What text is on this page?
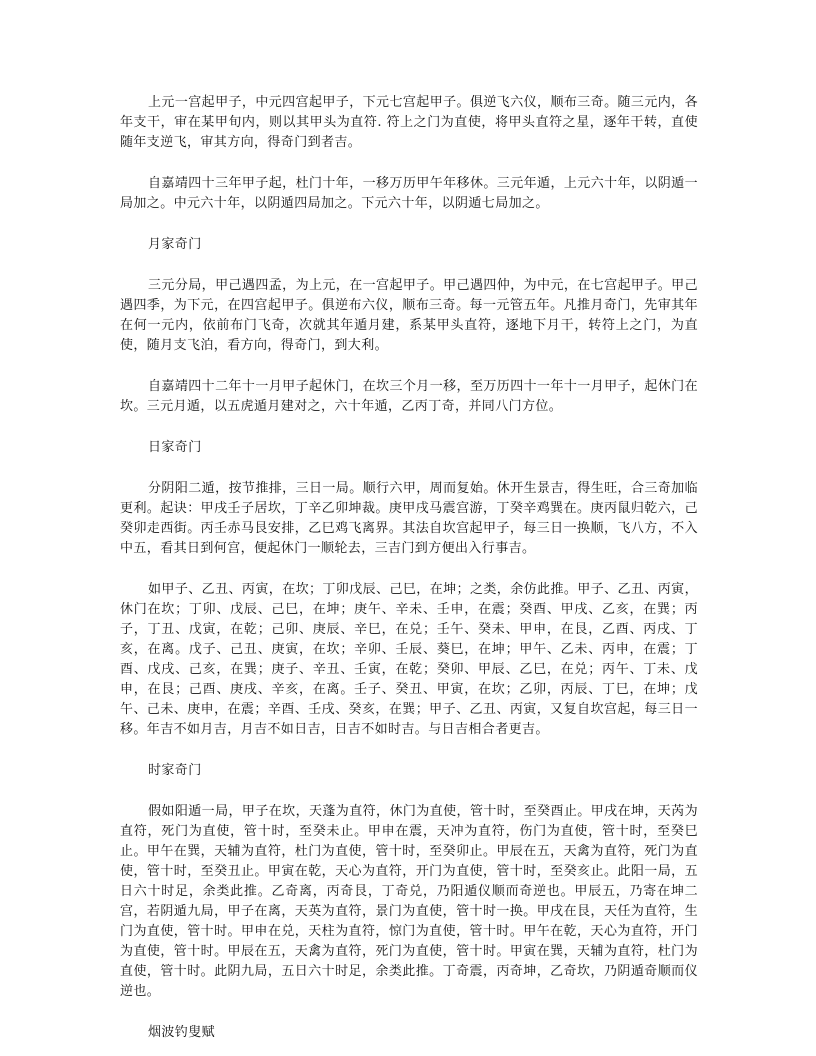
上元一宫起甲子，中元四宫起甲子，下元七宫起甲子。俱逆飞六仪，顺布三奇。随三元内，各年支干，审在某甲旬内，则以其甲头为直符. 符上之门为直使，将甲头直符之星，逐年干转，直使随年支逆飞，审其方向，得奇门到者吉。

自嘉靖四十三年甲子起，杜门十年，一移万历甲午年移休。三元年遁，上元六十年，以阴遁一局加之。中元六十年，以阴遁四局加之。下元六十年，以阴遁七局加之。

月家奇门

三元分局，甲己遇四孟，为上元，在一宫起甲子。甲己遇四仲，为中元，在七宫起甲子。甲己遇四季，为下元，在四宫起甲子。俱逆布六仪，顺布三奇。每一元管五年。凡推月奇门，先审其年在何一元内，依前布门飞奇，次就其年遁月建，系某甲头直符，逐地下月干，转符上之门，为直使，随月支飞泊，看方向，得奇门，到大利。

自嘉靖四十二年十一月甲子起休门，在坎三个月一移，至万历四十一年十一月甲子，起休门在坎。三元月遁，以五虎遁月建对之，六十年遁，乙丙丁奇，并同八门方位。

日家奇门

分阴阳二遁，按节推排，三日一局。顺行六甲，周而复始。休开生景吉，得生旺，合三奇加临更利。起诀：甲戌壬子居坎，丁辛乙卯坤裁。庚甲戌马震宫游，丁癸辛鸡巽在。庚丙鼠归乾六，己癸卯走西街。丙壬赤马艮安排，乙巳鸡飞离界。其法自坎宫起甲子，每三日一换顺，飞八方，不入中五，看其日到何宫，便起休门一顺轮去，三吉门到方便出入行事吉。

如甲子、乙丑、丙寅，在坎；丁卯戊辰、己巳，在坤；之类，余仿此推。甲子、乙丑、丙寅，休门在坎；丁卯、戊辰、己巳，在坤；庚午、辛未、壬申，在震；癸酉、甲戌、乙亥，在巽；丙子，丁丑、戊寅，在乾；己卯、庚辰、辛巳，在兑；壬午、癸未、甲申，在艮，乙酉、丙戌、丁亥，在离。戊子、己丑、庚寅，在坎；辛卯、壬辰、葵巳，在坤；甲午、乙未、丙申，在震；丁酉、戊戌、己亥，在巽；庚子、辛丑、壬寅，在乾；癸卯、甲辰、乙巳，在兑；丙午、丁未、戊申，在艮；己酉、庚戌、辛亥，在离。壬子、癸丑、甲寅，在坎；乙卯，丙辰、丁巳，在坤；戊午、己未、庚申，在震；辛酉、壬戌、癸亥，在巽；甲子、乙丑、丙寅，又复自坎宫起，每三日一移。年吉不如月吉，月吉不如日吉，日吉不如时吉。与日吉相合者更吉。

时家奇门

假如阳遁一局，甲子在坎，天蓬为直符，休门为直使，管十时，至癸酉止。甲戌在坤，天芮为直符，死门为直使，管十时，至癸未止。甲申在震，天冲为直符，伤门为直使，管十时，至癸巳止。甲午在巽，天辅为直符，杜门为直使，管十时，至癸卯止。甲辰在五，天禽为直符，死门为直使，管十时，至癸丑止。甲寅在乾，天心为直符，开门为直使，管十时，至癸亥止。此阳一局，五日六十时足，余类此推。乙奇离，丙奇艮，丁奇兑，乃阳遁仪顺而奇逆也。甲辰五，乃寄在坤二宫，若阴遁九局，甲子在离，天英为直符，景门为直使，管十时一换。甲戌在艮，天任为直符，生门为直使，管十时。甲申在兑，天柱为直符，惊门为直使，管十时。甲午在乾，天心为直符，开门为直使，管十时。甲辰在五，天禽为直符，死门为直使，管十时。甲寅在巽，天辅为直符，杜门为直使，管十时。此阴九局，五日六十时足，余类此推。丁奇震，丙奇坤，乙奇坎，乃阴遁奇顺而仪逆也。

烟波钓叟赋
